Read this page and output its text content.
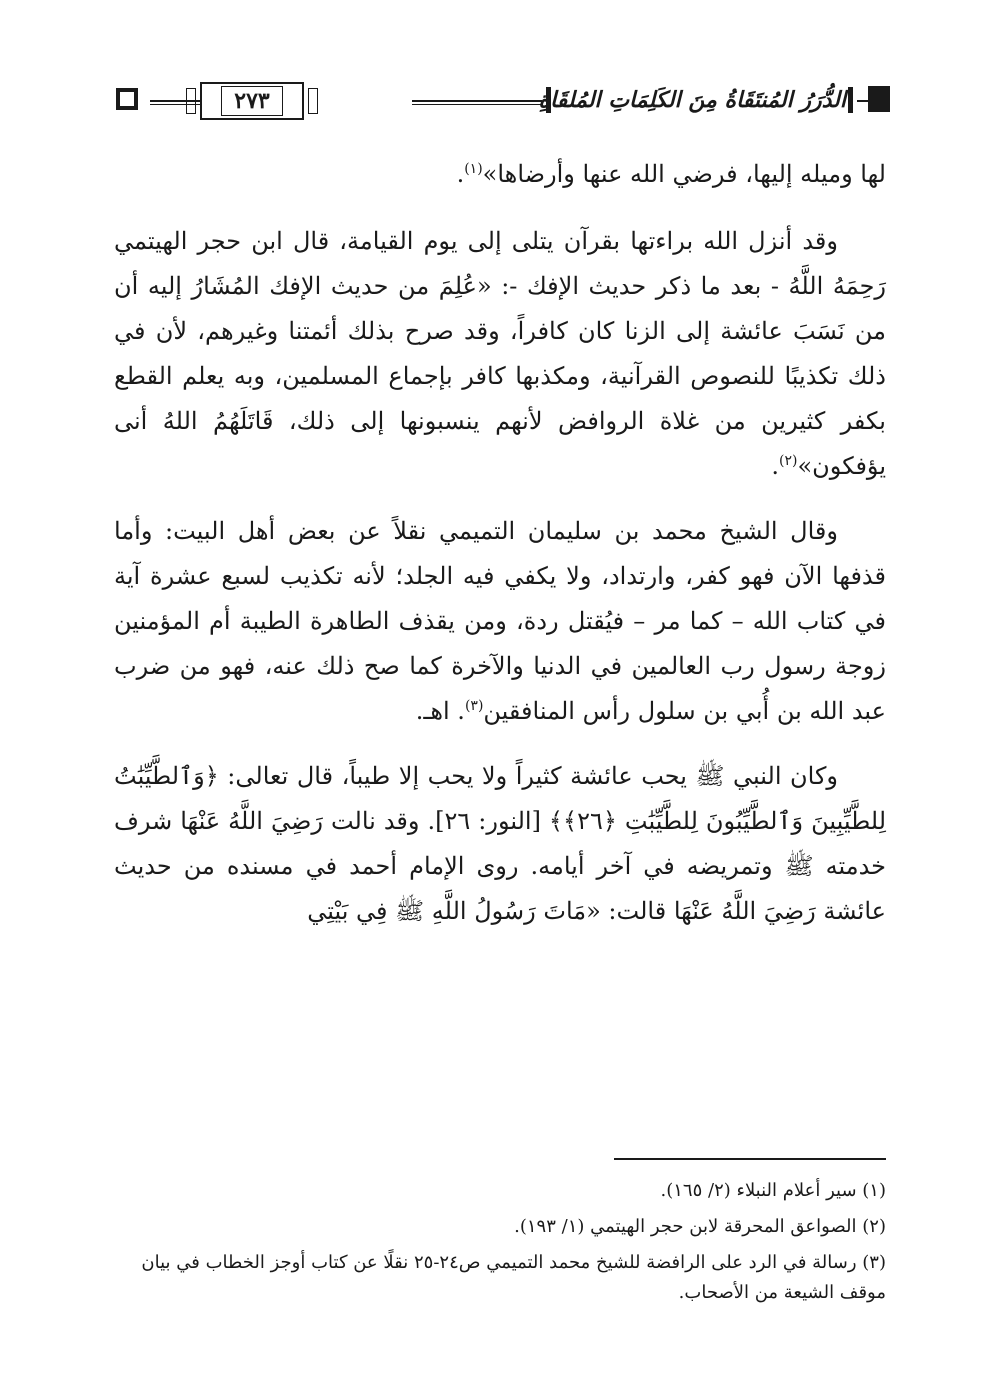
٢٧٣	الدُّرَرُ المُنتَقَاةُ مِنَ الكَلِمَاتِ المُلقَاةِ

لها وميله إليها، فرضي الله عنها وأرضاها»$^{(١)}$.

وقد أنزل الله براءتها بقرآن يتلى إلى يوم القيامة، قال ابن حجر الهيتمي رَحِمَهُ اللَّهُ - بعد ما ذكر حديث الإفك -: «عُلِمَ من حديث الإفك المُشَارُ إليه أن من نَسَبَ عائشة إلى الزنا كان كافراً، وقد صرح بذلك أئمتنا وغيرهم، لأن في ذلك تكذيبًا للنصوص القرآنية، ومكذبها كافر بإجماع المسلمين، وبه يعلم القطع بكفر كثيرين من غلاة الروافض لأنهم ينسبونها إلى ذلك، قَاتَلَهُمُ اللهُ أنى يؤفكون»$^{(٢)}$.

وقال الشيخ محمد بن سليمان التميمي نقلاً عن بعض أهل البيت: وأما قذفها الآن فهو كفر، وارتداد، ولا يكفي فيه الجلد؛ لأنه تكذيب لسبع عشرة آية في كتاب الله – كما مر – فيُقتل ردة، ومن يقذف الطاهرة الطيبة أم المؤمنين زوجة رسول رب العالمين في الدنيا والآخرة كما صح ذلك عنه، فهو من ضرب عبد الله بن أُبي بن سلول رأس المنافقين$^{(٣)}$. اهـ.

وكان النبي ﷺ يحب عائشة كثيراً ولا يحب إلا طيباً، قال تعالى: ﴿وَٱلطَّيِّبَٰتُ لِلطَّيِّبِينَ وَٱلطَّيِّبُونَ لِلطَّيِّبَٰتِ ﴿٢٦﴾﴾ [النور: ٢٦]. وقد نالت رَضِيَ اللَّهُ عَنْهَا شرف خدمته ﷺ وتمريضه في آخر أيامه. روى الإمام أحمد في مسنده من حديث عائشة رَضِيَ اللَّهُ عَنْهَا قالت: «مَاتَ رَسُولُ اللَّهِ ﷺ فِي بَيْتِي

(١) سير أعلام النبلاء (٢/ ١٦٥).
(٢) الصواعق المحرقة لابن حجر الهيتمي (١/ ١٩٣).
(٣) رسالة في الرد على الرافضة للشيخ محمد التميمي ص٢٤-٢٥ نقلًا عن كتاب أوجز الخطاب في بيان موقف الشيعة من الأصحاب.
